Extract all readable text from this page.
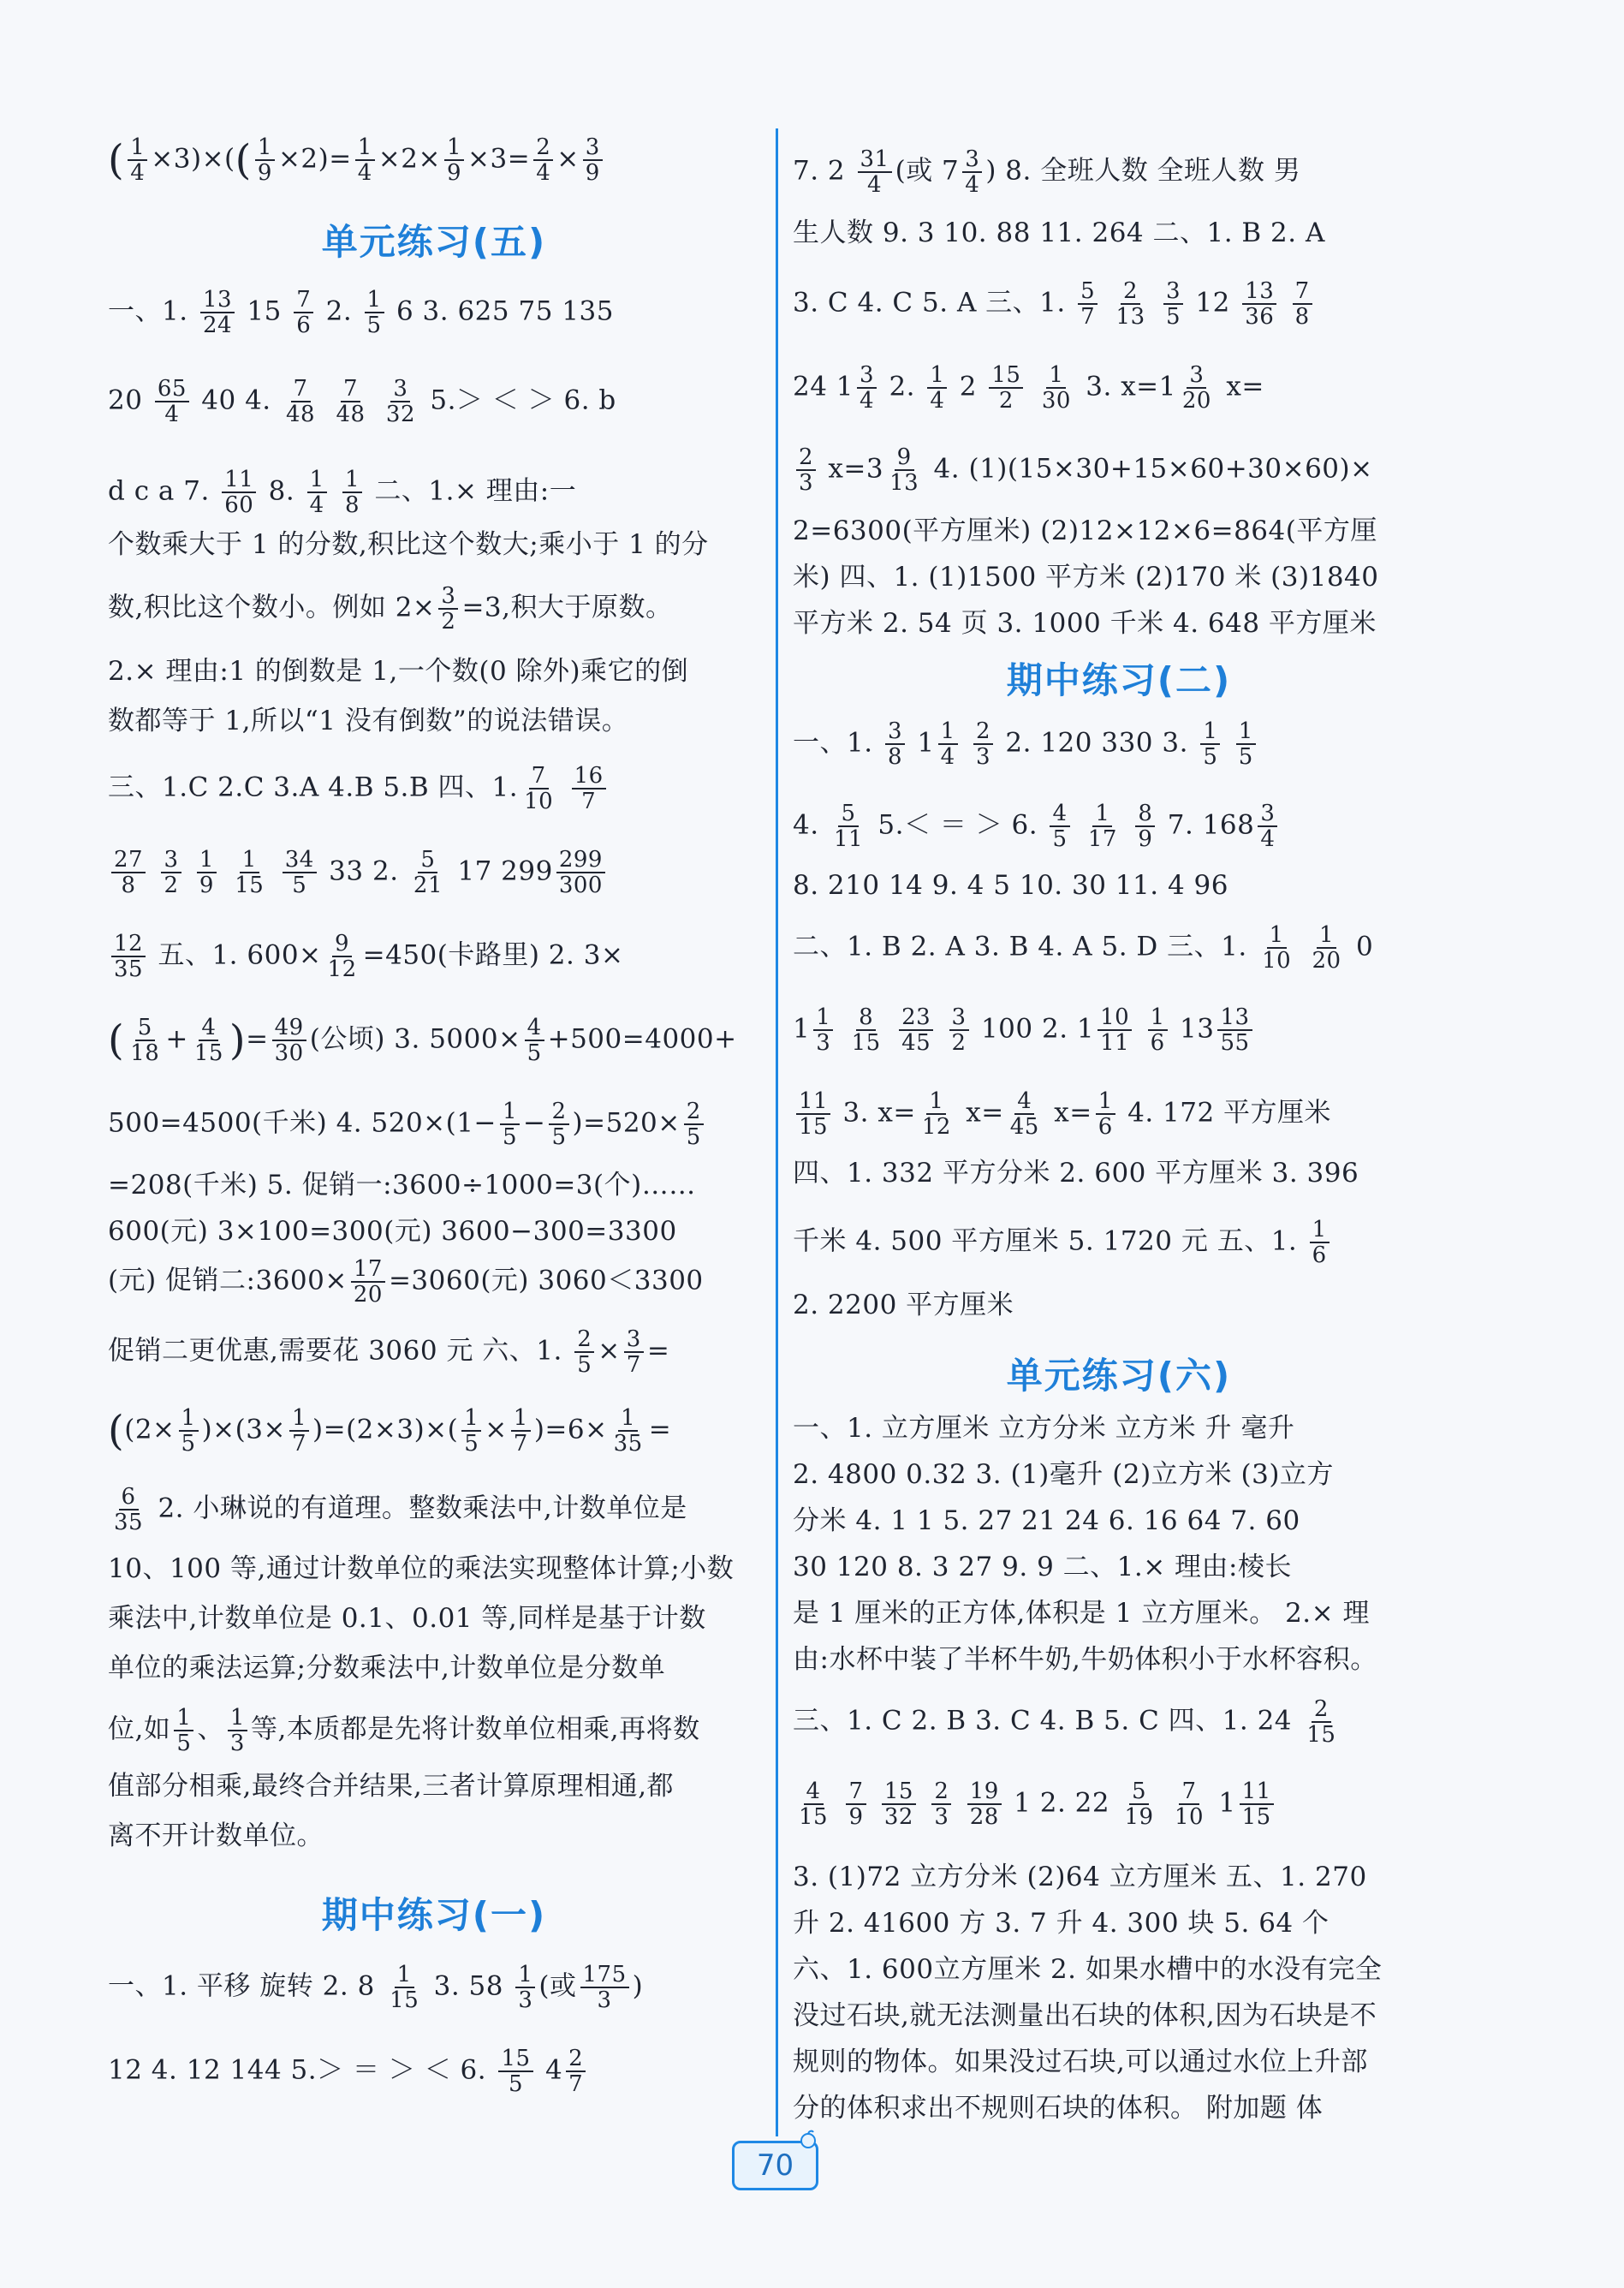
( $\frac{1}{4} \times 3)\times(( \frac{1}{9} \times 2)= \frac{1}{4} \times 2\times \frac{1}{9} \times 3= \frac{2}{4} \times \frac{3}{9}$
单元练习(五)
一、1. $\frac{13}{24} 15 \frac{7}{6} 2$. $\frac{1}{5} 6$ 3. 625 75 135
$20 \frac{65}{4} 40$ 4. $\frac{7}{48}$
$\frac{7}{48}$
$\frac{3}{32} 5.>$ ＜ ＞ 6. b
d c a 7. $\frac{11}{60} 8$. $\frac{1}{4}$
$\frac{1}{8}$ 二、1.× 理由:一
个数乘大于 1 的分数,积比这个数大;乘小于 1 的分
数,积比这个数小。例如 $2\times \frac{3}{2} =3$,积大于原数。
2.× 理由:1 的倒数是 1,一个数(0 除外)乘它的倒
数都等于 1,所以“1 没有倒数”的说法错误。
三、1.C 2.C 3.A 4.B 5.B 四、1. $\frac{7}{10}$
$\frac{16}{7}$
$\frac{27}{8}$
$\frac{3}{2}$
$\frac{1}{9}$
$\frac{1}{15}$
$\frac{34}{5} 33$ 2. $\frac{5}{21} 17$ $299 \frac{299}{300}$
$\frac{12}{35}$ 五、1. $600\times \frac{9}{12} =450$(卡路里) 2. 3×
( $\frac{5}{18} + \frac{4}{15}$ )= $\frac{49}{30}$ (公顷) 3. $5000\times \frac{4}{5} +500=4000+$
500=4500(千米) 4. $520\times(1- \frac{1}{5} - \frac{2}{5} )=520\times \frac{2}{5}$
=208(千米) 5. 促销一:3600÷1000=3(个)……
600(元) 3×100=300(元) 3600−300=3300
(元) 促销二:3600× $\frac{17}{20} =3060$(元) 3060＜3300
促销二更优惠,需要花 3060 元 六、1. $\frac{2}{5} \times \frac{3}{7}$ =
($(2\times \frac{1}{5} )\times(3\times \frac{1}{7} )=(2\times 3)\times( \frac{1}{5} \times \frac{1}{7} )=6\times \frac{1}{35}$ =
$\frac{6}{35} 2$. 小琳说的有道理。整数乘法中,计数单位是
10、100 等,通过计数单位的乘法实现整体计算;小数
乘法中,计数单位是 0.1、0.01 等,同样是基于计数
单位的乘法运算;分数乘法中,计数单位是分数单
位,如 $\frac{1}{5}$ 、 $\frac{1}{3}$ 等,本质都是先将计数单位相乘,再将数
值部分相乘,最终合并结果,三者计算原理相通,都
离不开计数单位。
期中练习(一)
一、1. 平移 旋转 2. $8 \frac{1}{15} 3$. $58 \frac{1}{3}$ (或 $\frac{175}{3}$ )
12 4. 12 144 5.＞ ＝ ＞ ＜ 6. $\frac{15}{5} 4 \frac{2}{7}$
7. $2 \frac{31}{4}$ (或 $7 \frac{3}{4}$ ) 8. 全班人数 全班人数 男
生人数 9. 3 10. 88 11. 264 二、1. B 2. A
3. C 4. C 5. A 三、1. $\frac{5}{7}$
$\frac{2}{13}$
$\frac{3}{5} 12 \frac{13}{36}$
$\frac{7}{8}$
24 $1 \frac{3}{4} 2$. $\frac{1}{4} 2 \frac{15}{2}$
$\frac{1}{30} 3$. $x=1 \frac{3}{20} x=$
$\frac{2}{3} x=3 \frac{9}{13} 4$. (1)(15×30+15×60+30×60)×
2=6300(平方厘米) (2)12×12×6=864(平方厘
米) 四、1. (1)1500 平方米 (2)170 米 (3)1840
平方米 2. 54 页 3. 1000 千米 4. 648 平方厘米
期中练习(二)
一、1. $\frac{3}{8} 1 \frac{1}{4}$
$\frac{2}{3} 2$. 120 330 3. $\frac{1}{5}$
$\frac{1}{5}$
4. $\frac{5}{11} 5.<$ ＝ ＞ 6. $\frac{4}{5}$
$\frac{1}{17}$
$\frac{8}{9} 7$. $168 \frac{3}{4}$
8. 210 14 9. 4 5 10. 30 11. 4 96
二、1. B 2. A 3. B 4. A 5. D 三、1. $\frac{1}{10}$
$\frac{1}{20} 0$
$1 \frac{1}{3}$
$\frac{8}{15}$
$\frac{23}{45}$
$\frac{3}{2} 100$ 2. $1 \frac{10}{11}$
$\frac{1}{6} 13 \frac{13}{55}$
$\frac{11}{15} 3$. $x= \frac{1}{12} x= \frac{4}{45} x= \frac{1}{6} 4$. 172 平方厘米
四、1. 332 平方分米 2. 600 平方厘米 3. 396
千米 4. 500 平方厘米 5. 1720 元 五、1. $\frac{1}{6}$
2. 2200 平方厘米
单元练习(六)
一、1. 立方厘米 立方分米 立方米 升 毫升
2. 4800 0.32 3. (1)毫升 (2)立方米 (3)立方
分米 4. 1 1 5. 27 21 24 6. 16 64 7. 60
30 120 8. 3 27 9. 9 二、1.× 理由:棱长
是 1 厘米的正方体,体积是 1 立方厘米。 2.× 理
由:水杯中装了半杯牛奶,牛奶体积小于水杯容积。
三、1. C 2. B 3. C 4. B 5. C 四、1. $24 \frac{2}{15}$
$\frac{4}{15}$
$\frac{7}{9}$
$\frac{15}{32}$
$\frac{2}{3}$
$\frac{19}{28} 1$ 2. $22 \frac{5}{19}$
$\frac{7}{10} 1 \frac{11}{15}$
3. (1)72 立方分米 (2)64 立方厘米 五、1. 270
升 2. 41600 方 3. 7 升 4. 300 块 5. 64 个
六、1. 600立方厘米 2. 如果水槽中的水没有完全
没过石块,就无法测量出石块的体积,因为石块是不
规则的物体。如果没过石块,可以通过水位上升部
分的体积求出不规则石块的体积。 附加题 体
70
